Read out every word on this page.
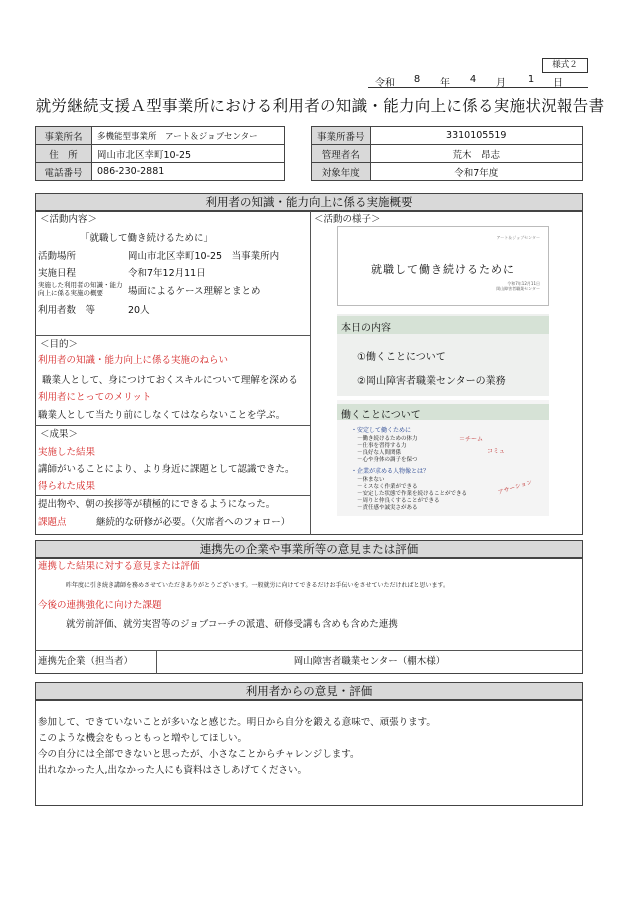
様式２
令和	8	年	4	月	1	日
就労継続支援Ａ型事業所における利用者の知識・能力向上に係る実施状況報告書
事業所名	多機能型事業所　アート＆ジョブセンター
住　所	岡山市北区幸町10-25
電話番号	086-230-2881
事業所番号	3310105519
管理者名	荒木　昂志
対象年度	令和7年度
利用者の知識・能力向上に係る実施概要
＜活動内容＞
「就職して働き続けるために」
活動場所	岡山市北区幸町10-25　当事業所内
実施日程	令和7年12月11日
実施した利用者の知識・能力向上に係る実施の概要	場面によるケース理解とまとめ
利用者数　等	20人
＜目的＞
利用者の知識・能力向上に係る実施のねらい
職業人として、身につけておくスキルについて理解を深める
利用者にとってのメリット
職業人として当たり前にしなくてはならないことを学ぶ。
＜成果＞
実施した結果
講師がいることにより、より身近に課題として認識できた。
得られた成果
提出物や、朝の挨拶等が積極的にできるようになった。
課題点	継続的な研修が必要。（欠席者へのフォロー）
＜活動の様子＞
アート＆ジョブセンター
就職して働き続けるために
令和7年12月11日
岡山障害者職業センター
本日の内容
①働くことについて
②岡山障害者職業センターの業務
働くことについて
・安定して働くために
－働き続けるための体力
－仕事を習得する力
－良好な人間関係
－心や身体の調子を保つ
・企業が求める人物像とは？
－休まない
－ミスなく作業ができる
－安定した状態で作業を続けることができる
－周りと仲良くすることができる
－責任感や誠実さがある
＝チーム
コミュ
アサーション
連携先の企業や事業所等の意見または評価
連携した結果に対する意見または評価
昨年度に引き続き講師を務めさせていただきありがとうございます。一般就労に向けてできるだけお手伝いをさせていただければと思います。
今後の連携強化に向けた課題
就労前評価、就労実習等のジョブコーチの派遣、研修受講も含めも含めた連携
連携先企業（担当者）	岡山障害者職業センター（棚木様）
利用者からの意見・評価
参加して、できていないことが多いなと感じた。明日から自分を鍛える意味で、頑張ります。
このような機会をもっともっと増やしてほしい。
今の自分には全部できないと思ったが、小さなことからチャレンジします。
出れなかった人,出なかった人にも資料はさしあげてください。
